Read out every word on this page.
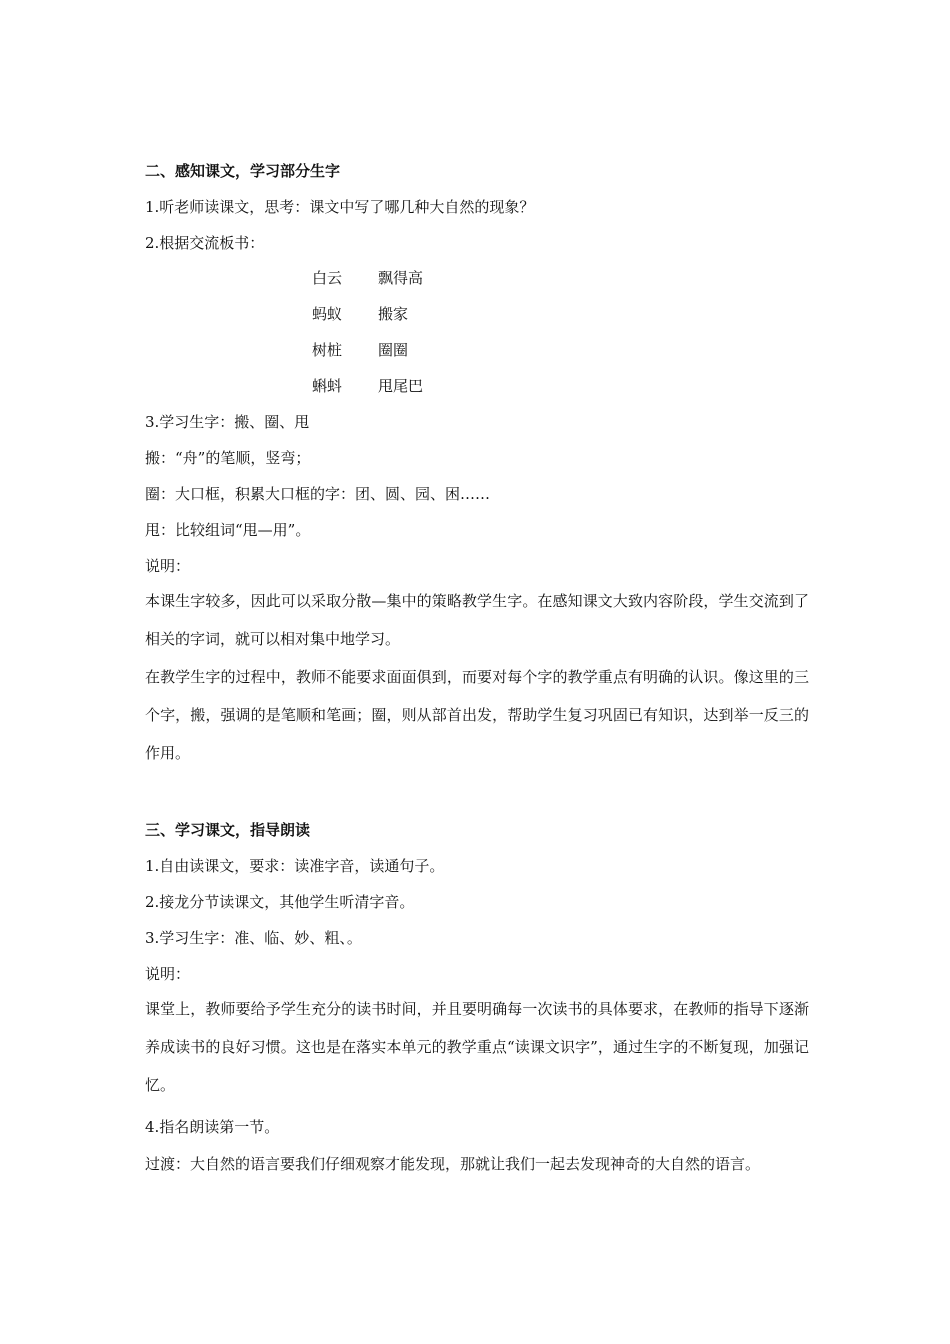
二、感知课文，学习部分生字
1.听老师读课文，思考：课文中写了哪几种大自然的现象？
2.根据交流板书：
白云 飘得高
蚂蚁 搬家
树桩 圈圈
蝌蚪 甩尾巴
3.学习生字：搬、圈、甩
搬：“舟”的笔顺，竖弯；
圈：大口框，积累大口框的字：团、圆、园、困……
甩：比较组词“甩—用”。
说明：
本课生字较多，因此可以采取分散—集中的策略教学生字。在感知课文大致内容阶段，学生交流到了相关的字词，就可以相对集中地学习。
在教学生字的过程中，教师不能要求面面俱到，而要对每个字的教学重点有明确的认识。像这里的三个字，搬，强调的是笔顺和笔画；圈，则从部首出发，帮助学生复习巩固已有知识，达到举一反三的作用。
三、学习课文，指导朗读
1.自由读课文，要求：读准字音，读通句子。
2.接龙分节读课文，其他学生听清字音。
3.学习生字：准、临、妙、粗、。
说明：
课堂上，教师要给予学生充分的读书时间，并且要明确每一次读书的具体要求，在教师的指导下逐渐养成读书的良好习惯。这也是在落实本单元的教学重点“读课文识字”，通过生字的不断复现，加强记忆。
4.指名朗读第一节。
过渡：大自然的语言要我们仔细观察才能发现，那就让我们一起去发现神奇的大自然的语言。
